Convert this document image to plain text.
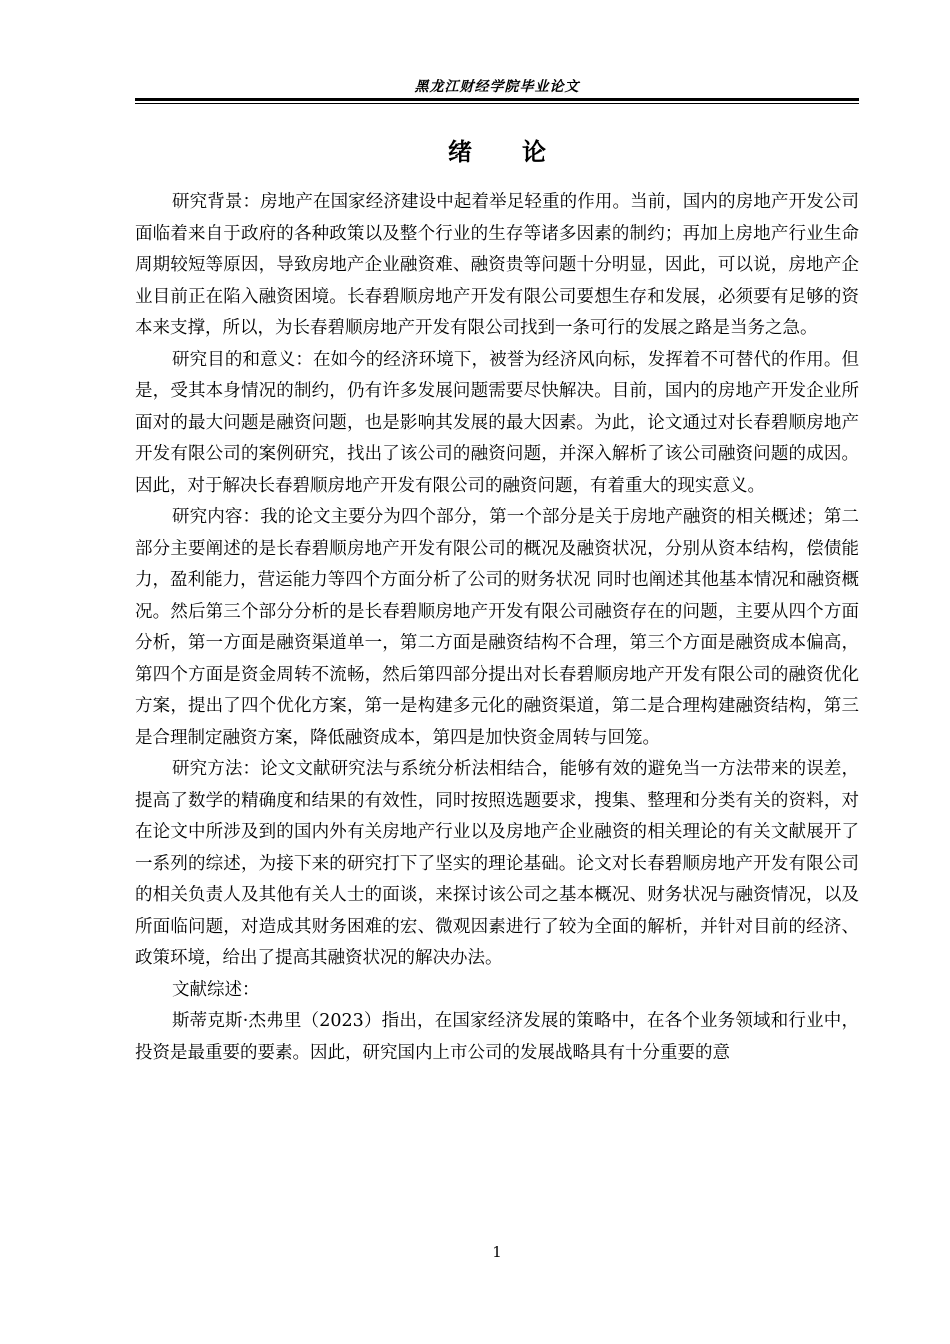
黑龙江财经学院毕业论文
绪论

研究背景：房地产在国家经济建设中起着举足轻重的作用。当前，国内的房地产开发公司面临着来自于政府的各种政策以及整个行业的生存等诸多因素的制约；再加上房地产行业生命周期较短等原因，导致房地产企业融资难、融资贵等问题十分明显，因此，可以说，房地产企业目前正在陷入融资困境。长春碧顺房地产开发有限公司要想生存和发展，必须要有足够的资本来支撑，所以，为长春碧顺房地产开发有限公司找到一条可行的发展之路是当务之急。

研究目的和意义：在如今的经济环境下，被誉为经济风向标，发挥着不可替代的作用。但是，受其本身情况的制约，仍有许多发展问题需要尽快解决。目前，国内的房地产开发企业所面对的最大问题是融资问题，也是影响其发展的最大因素。为此，论文通过对长春碧顺房地产开发有限公司的案例研究，找出了该公司的融资问题，并深入解析了该公司融资问题的成因。因此，对于解决长春碧顺房地产开发有限公司的融资问题，有着重大的现实意义。

研究内容：我的论文主要分为四个部分，第一个部分是关于房地产融资的相关概述；第二部分主要阐述的是长春碧顺房地产开发有限公司的概况及融资状况，分别从资本结构，偿债能力，盈利能力，营运能力等四个方面分析了公司的财务状况 同时也阐述其他基本情况和融资概况。然后第三个部分分析的是长春碧顺房地产开发有限公司融资存在的问题，主要从四个方面分析，第一方面是融资渠道单一，第二方面是融资结构不合理，第三个方面是融资成本偏高，第四个方面是资金周转不流畅，然后第四部分提出对长春碧顺房地产开发有限公司的融资优化方案，提出了四个优化方案，第一是构建多元化的融资渠道，第二是合理构建融资结构，第三是合理制定融资方案，降低融资成本，第四是加快资金周转与回笼。

研究方法：论文文献研究法与系统分析法相结合，能够有效的避免当一方法带来的误差，提高了数学的精确度和结果的有效性，同时按照选题要求，搜集、整理和分类有关的资料，对在论文中所涉及到的国内外有关房地产行业以及房地产企业融资的相关理论的有关文献展开了一系列的综述，为接下来的研究打下了坚实的理论基础。论文对长春碧顺房地产开发有限公司的相关负责人及其他有关人士的面谈，来探讨该公司之基本概况、财务状况与融资情况，以及所面临问题，对造成其财务困难的宏、微观因素进行了较为全面的解析，并针对目前的经济、政策环境，给出了提高其融资状况的解决办法。

文献综述：

斯蒂克斯·杰弗里（2023）指出，在国家经济发展的策略中，在各个业务领域和行业中，投资是最重要的要素。因此，研究国内上市公司的发展战略具有十分重要的意

1
